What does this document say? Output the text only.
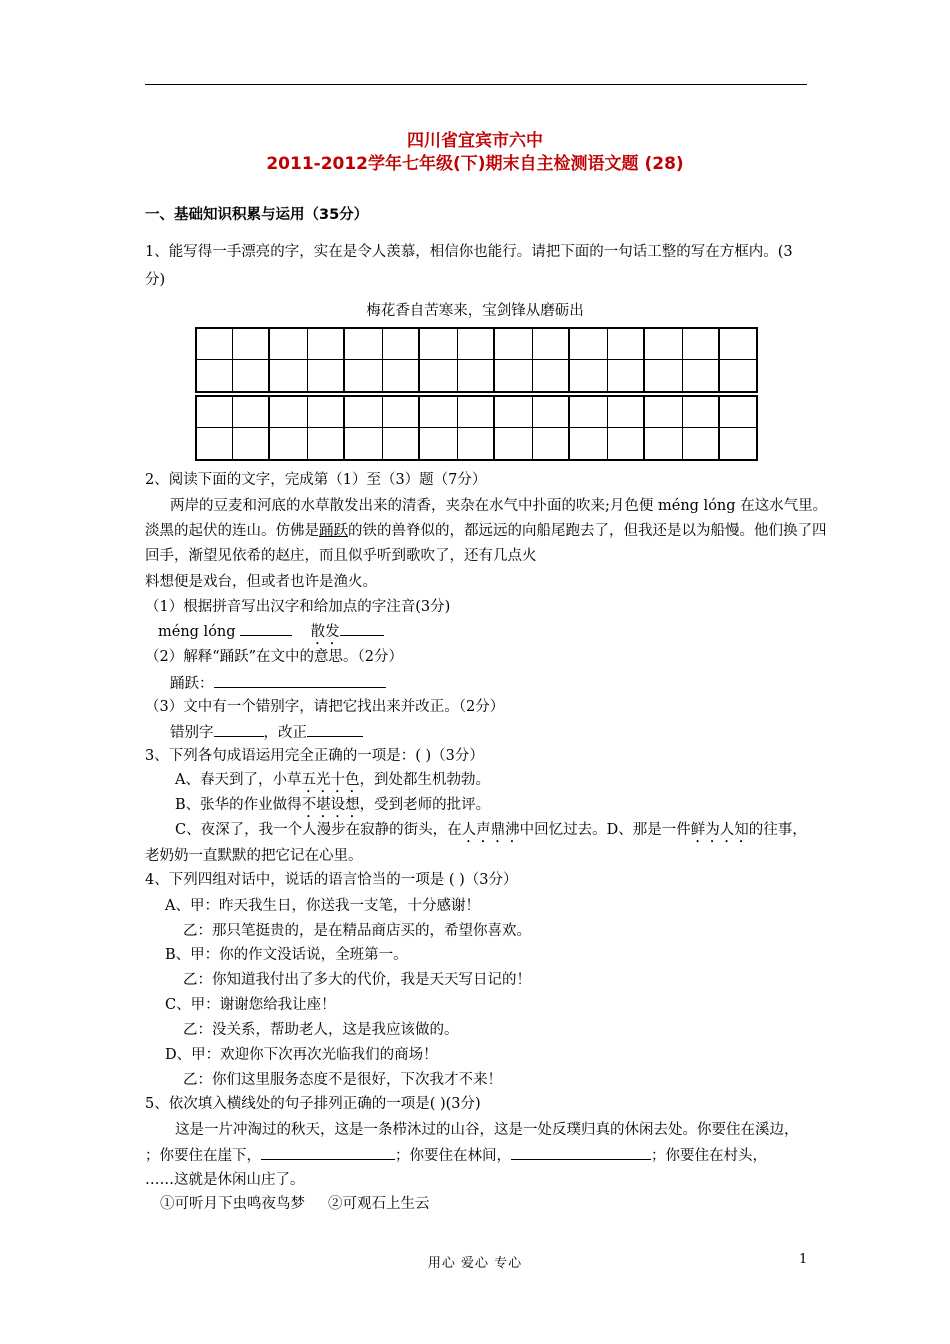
四川省宜宾市六中
2011-2012学年七年级(下)期末自主检测语文题 (28)
一、基础知识积累与运用（35分）
1、能写得一手漂亮的字，实在是令人羡慕，相信你也能行。请把下面的一句话工整的写在方框内。(3
分)
梅花香自苦寒来，宝剑锋从磨砺出
2、阅读下面的文字，完成第（1）至（3）题（7分）
两岸的豆麦和河底的水草散发出来的清香，夹杂在水气中扑面的吹来;月色便 méng lóng 在这水气里。
淡黑的起伏的连山。仿佛是踊跃的铁的兽脊似的，都远远的向船尾跑去了，但我还是以为船慢。他们换了四
回手，渐望见依希的赵庄，而且似乎听到歌吹了，还有几点火
料想便是戏台，但或者也许是渔火。
（1）根据拼音写出汉字和给加点的字注音(3分)
méng lóng	散发
（2）解释“踊跃”在文中的意思。（2分）
踊跃：
（3）文中有一个错别字，请把它找出来并改正。（2分）
错别字	，改正
3、下列各句成语运用完全正确的一项是：( )（3分）
A、春天到了，小草五光十色，到处都生机勃勃。
B、张华的作业做得不堪设想，受到老师的批评。
C、夜深了，我一个人漫步在寂静的街头，在人声鼎沸中回忆过去。D、那是一件鲜为人知的往事，
老奶奶一直默默的把它记在心里。
4、下列四组对话中，说话的语言恰当的一项是 ( )（3分）
A、甲：昨天我生日，你送我一支笔，十分感谢！
乙：那只笔挺贵的，是在精品商店买的，希望你喜欢。
B、甲：你的作文没话说，全班第一。
乙：你知道我付出了多大的代价，我是天天写日记的！
C、甲：谢谢您给我让座！
乙：没关系，帮助老人，这是我应该做的。
D、甲：欢迎你下次再次光临我们的商场！
乙：你们这里服务态度不是很好，下次我才不来！
5、依次填入横线处的句子排列正确的一项是( )(3分)
这是一片冲淘过的秋天，这是一条栉沐过的山谷，这是一处反璞归真的休闲去处。你要住在溪边，
；你要住在崖下，	；你要住在林间，	；你要住在村头，
……这就是休闲山庄了。
①可听月下虫鸣夜鸟梦 ②可观石上生云
用心 爱心 专心	1
